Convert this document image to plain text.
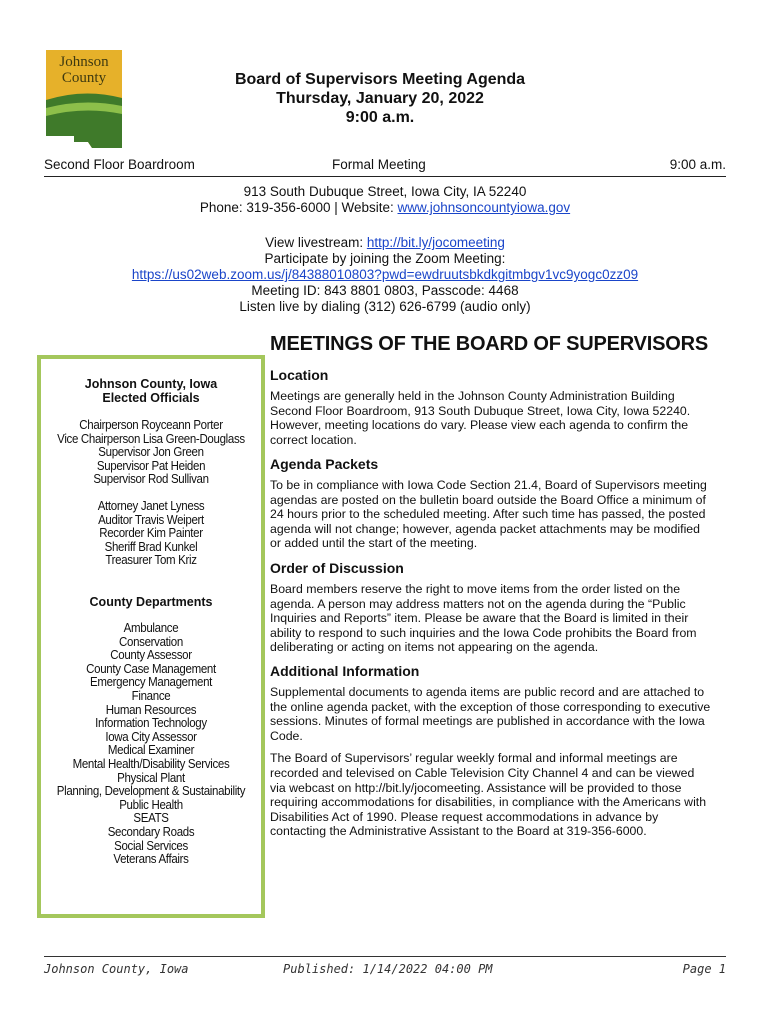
Johnson
County	Board of Supervisors Meeting Agenda
Thursday, January 20, 2022
9:00 a.m.
Second Floor Boardroom	Formal Meeting	9:00 a.m.
913 South Dubuque Street, Iowa City, IA 52240
Phone: 319-356-6000 | Website: www.johnsoncountyiowa.gov
View livestream: http://bit.ly/jocomeeting
Participate by joining the Zoom Meeting:
https://us02web.zoom.us/j/84388010803?pwd=ewdruutsbkdkgitmbgv1vc9yogc0zz09
Meeting ID: 843 8801 0803, Passcode: 4468
Listen live by dialing (312) 626-6799 (audio only)
MEETINGS OF THE BOARD OF SUPERVISORS
Johnson County, Iowa
Elected Officials
Chairperson Royceann Porter
Vice Chairperson Lisa Green-Douglass
Supervisor Jon Green
Supervisor Pat Heiden
Supervisor Rod Sullivan
Attorney Janet Lyness
Auditor Travis Weipert
Recorder Kim Painter
Sheriff Brad Kunkel
Treasurer Tom Kriz
County Departments
Ambulance
Conservation
County Assessor
County Case Management
Emergency Management
Finance
Human Resources
Information Technology
Iowa City Assessor
Medical Examiner
Mental Health/Disability Services
Physical Plant
Planning, Development & Sustainability
Public Health
SEATS
Secondary Roads
Social Services
Veterans Affairs
Location
Meetings are generally held in the Johnson County Administration Building
Second Floor Boardroom, 913 South Dubuque Street, Iowa City, Iowa 52240.
However, meeting locations do vary. Please view each agenda to confirm the
correct location.
Agenda Packets
To be in compliance with Iowa Code Section 21.4, Board of Supervisors meeting
agendas are posted on the bulletin board outside the Board Office a minimum of
24 hours prior to the scheduled meeting. After such time has passed, the posted
agenda will not change; however, agenda packet attachments may be modified
or added until the start of the meeting.
Order of Discussion
Board members reserve the right to move items from the order listed on the
agenda. A person may address matters not on the agenda during the “Public
Inquiries and Reports” item. Please be aware that the Board is limited in their
ability to respond to such inquiries and the Iowa Code prohibits the Board from
deliberating or acting on items not appearing on the agenda.
Additional Information
Supplemental documents to agenda items are public record and are attached to
the online agenda packet, with the exception of those corresponding to executive
sessions. Minutes of formal meetings are published in accordance with the Iowa
Code.
The Board of Supervisors’ regular weekly formal and informal meetings are
recorded and televised on Cable Television City Channel 4 and can be viewed
via webcast on http://bit.ly/jocomeeting. Assistance will be provided to those
requiring accommodations for disabilities, in compliance with the Americans with
Disabilities Act of 1990. Please request accommodations in advance by
contacting the Administrative Assistant to the Board at 319-356-6000.
Johnson County, Iowa	Published: 1/14/2022 04:00 PM	Page 1
